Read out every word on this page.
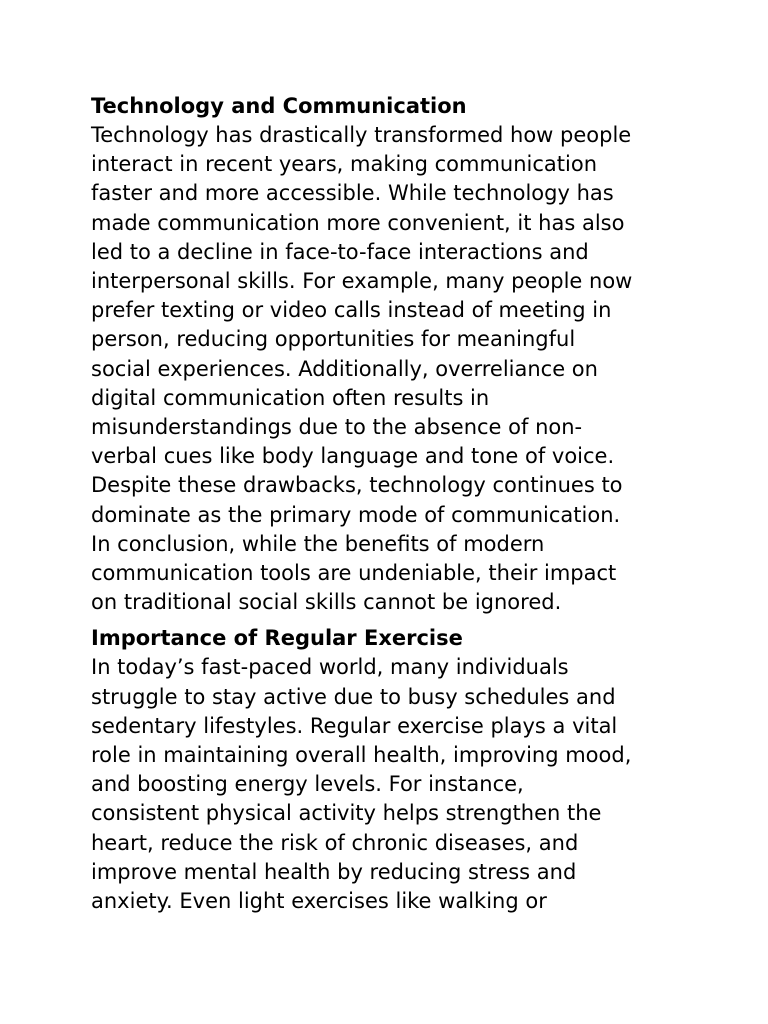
Technology and Communication

Technology has drastically transformed how people
interact in recent years, making communication
faster and more accessible. While technology has
made communication more convenient, it has also
led to a decline in face-to-face interactions and
interpersonal skills. For example, many people now
prefer texting or video calls instead of meeting in
person, reducing opportunities for meaningful
social experiences. Additionally, overreliance on
digital communication often results in
misunderstandings due to the absence of non-
verbal cues like body language and tone of voice.
Despite these drawbacks, technology continues to
dominate as the primary mode of communication.
In conclusion, while the benefits of modern
communication tools are undeniable, their impact
on traditional social skills cannot be ignored.

Importance of Regular Exercise

In today’s fast-paced world, many individuals
struggle to stay active due to busy schedules and
sedentary lifestyles. Regular exercise plays a vital
role in maintaining overall health, improving mood,
and boosting energy levels. For instance,
consistent physical activity helps strengthen the
heart, reduce the risk of chronic diseases, and
improve mental health by reducing stress and
anxiety. Even light exercises like walking or
